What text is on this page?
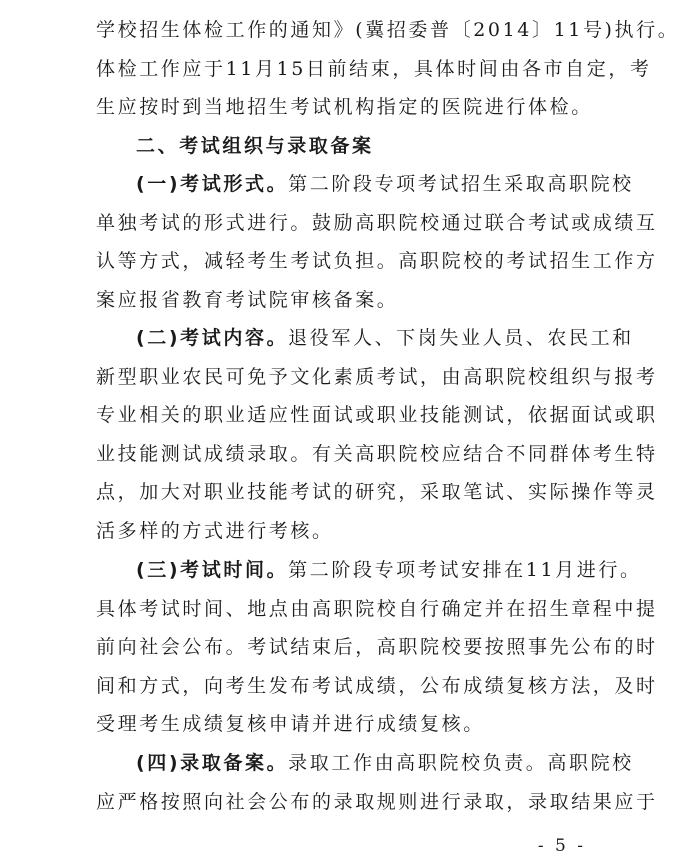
学校招生体检工作的通知》(冀招委普〔2014〕11号)执行。
体检工作应于11月15日前结束，具体时间由各市自定，考
生应按时到当地招生考试机构指定的医院进行体检。
二、考试组织与录取备案
(一)考试形式。第二阶段专项考试招生采取高职院校
单独考试的形式进行。鼓励高职院校通过联合考试或成绩互
认等方式，减轻考生考试负担。高职院校的考试招生工作方
案应报省教育考试院审核备案。
(二)考试内容。退役军人、下岗失业人员、农民工和
新型职业农民可免予文化素质考试，由高职院校组织与报考
专业相关的职业适应性面试或职业技能测试，依据面试或职
业技能测试成绩录取。有关高职院校应结合不同群体考生特
点，加大对职业技能考试的研究，采取笔试、实际操作等灵
活多样的方式进行考核。
(三)考试时间。第二阶段专项考试安排在11月进行。
具体考试时间、地点由高职院校自行确定并在招生章程中提
前向社会公布。考试结束后，高职院校要按照事先公布的时
间和方式，向考生发布考试成绩，公布成绩复核方法，及时
受理考生成绩复核申请并进行成绩复核。
(四)录取备案。录取工作由高职院校负责。高职院校
应严格按照向社会公布的录取规则进行录取，录取结果应于
- 5 -
